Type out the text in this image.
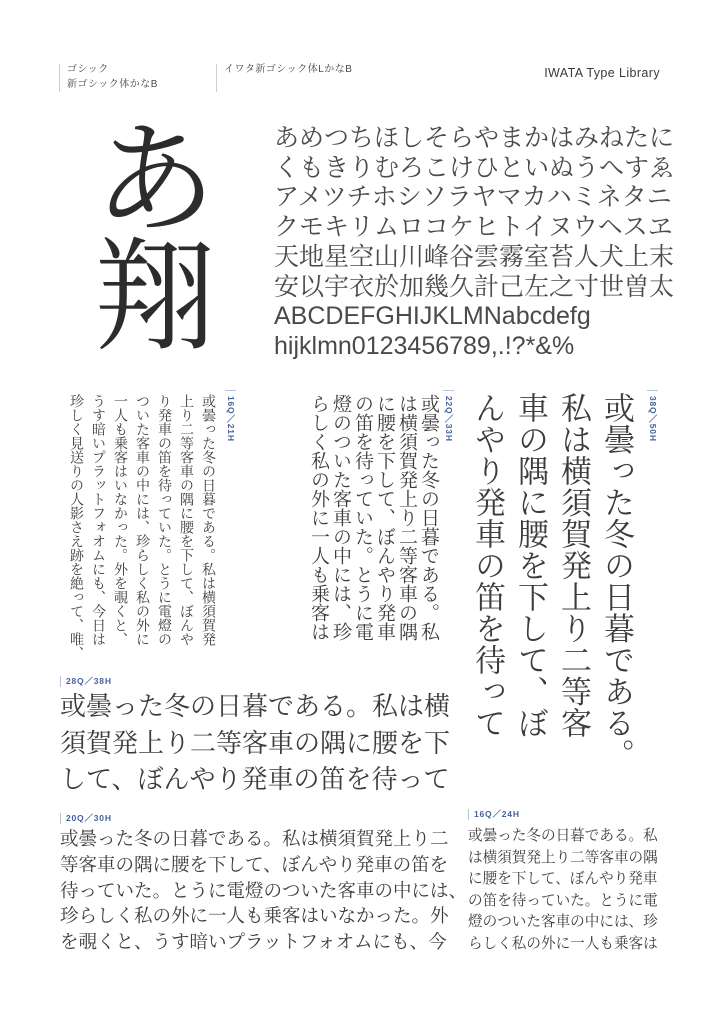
ゴシック
新ゴシック体かなB
イワタ新ゴシック体LかなB	IWATA Type Library
あ
翔
あめつちほしそらやまかはみねたに
くもきりむろこけひといぬうへすゑ
アメツチホシソラヤマカハミネタニ
クモキリムロコケヒトイヌウヘスヱ
天地星空山川峰谷雲霧室苔人犬上末
安以宇衣於加幾久計己左之寸世曽太
ABCDEFGHIJKLMNabcdefg
hijklmn0123456789,.!?*&%
38Q／50H
或曇った冬の日暮である。
私は横須賀発上り二等客
車の隅に腰を下して、ぼ
んやり発車の笛を待って
22Q／33H
或曇った冬の日暮である。私
は横須賀発上り二等客車の隅
に腰を下して、ぼんやり発車
の笛を待っていた。とうに電
燈のついた客車の中には、珍
らしく私の外に一人も乗客は
16Q／21H
或曇った冬の日暮である。私は横須賀発
上り二等客車の隅に腰を下して、ぼんや
り発車の笛を待っていた。とうに電燈の
ついた客車の中には、珍らしく私の外に
一人も乗客はいなかった。外を覗くと、
うす暗いプラットフォオムにも、今日は
珍しく見送りの人影さえ跡を絶って、唯、
28Q／38H
或曇った冬の日暮である。私は横
須賀発上り二等客車の隅に腰を下
して、ぼんやり発車の笛を待って
20Q／30H
或曇った冬の日暮である。私は横須賀発上り二
等客車の隅に腰を下して、ぼんやり発車の笛を
待っていた。とうに電燈のついた客車の中には、
珍らしく私の外に一人も乗客はいなかった。外
を覗くと、うす暗いプラットフォオムにも、今
16Q／24H
或曇った冬の日暮である。私
は横須賀発上り二等客車の隅
に腰を下して、ぼんやり発車
の笛を待っていた。とうに電
燈のついた客車の中には、珍
らしく私の外に一人も乗客は
